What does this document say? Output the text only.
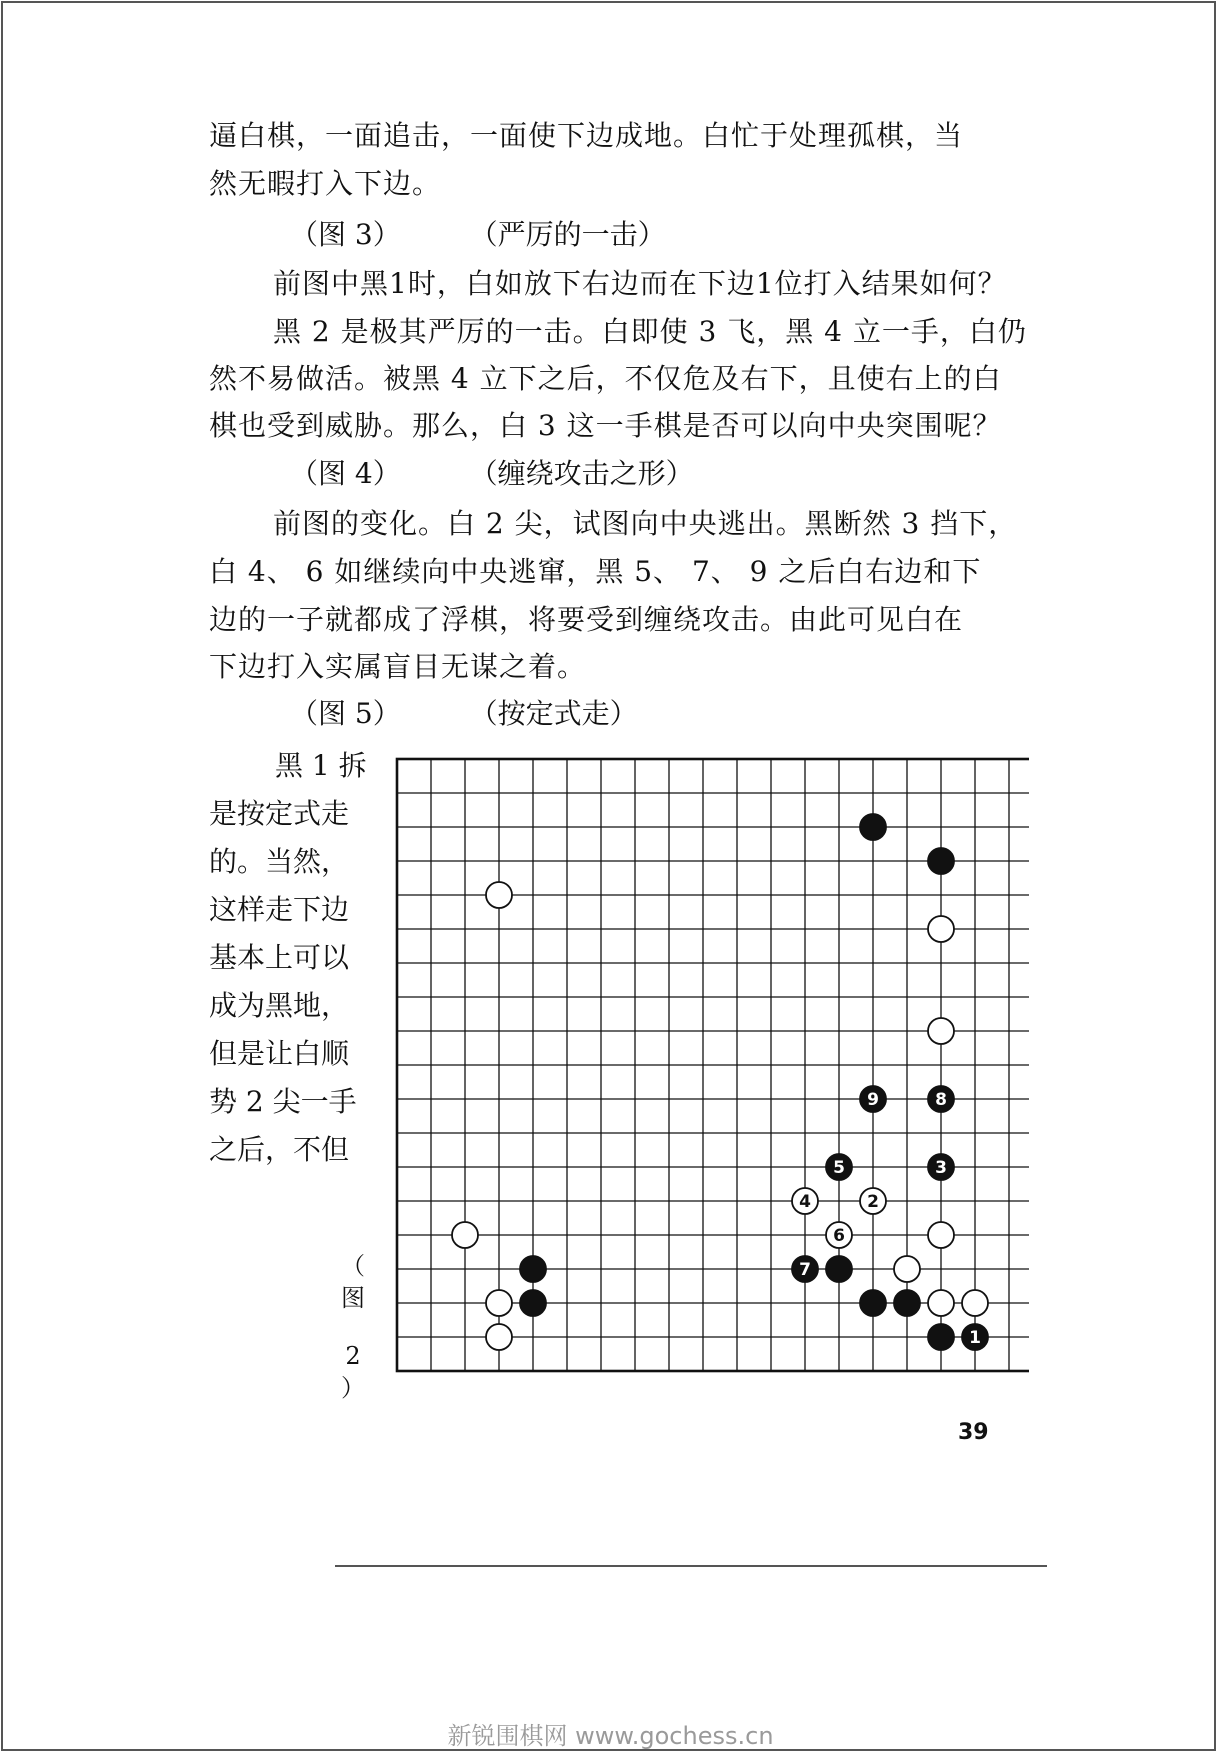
逼白棋，一面追击，一面使下边成地。白忙于处理孤棋，当

然无暇打入下边。

（图 3） （严厉的一击）

前图中黑1时，白如放下右边而在下边1位打入结果如何？

黑 2 是极其严厉的一击。白即使 3 飞，黑 4 立一手，白仍

然不易做活。被黑 4 立下之后，不仅危及右下，且使右上的白

棋也受到威胁。那么，白 3 这一手棋是否可以向中央突围呢？

（图 4） （缠绕攻击之形）

前图的变化。白 2 尖，试图向中央逃出。黑断然 3 挡下，

白 4、 6 如继续向中央逃窜，黑 5、 7、 9 之后白右边和下

边的一子就都成了浮棋，将要受到缠绕攻击。由此可见白在

下边打入实属盲目无谋之着。

（图 5） （按定式走）
黑 1 拆
是按定式走
的。当然，
这样走下边
基本上可以
成为黑地，
但是让白顺
势 2 尖一手
之后，不但
（
图
2
）
9	8
5	3
4	2
6
7
1
39
新锐围棋网 www.gochess.cn
